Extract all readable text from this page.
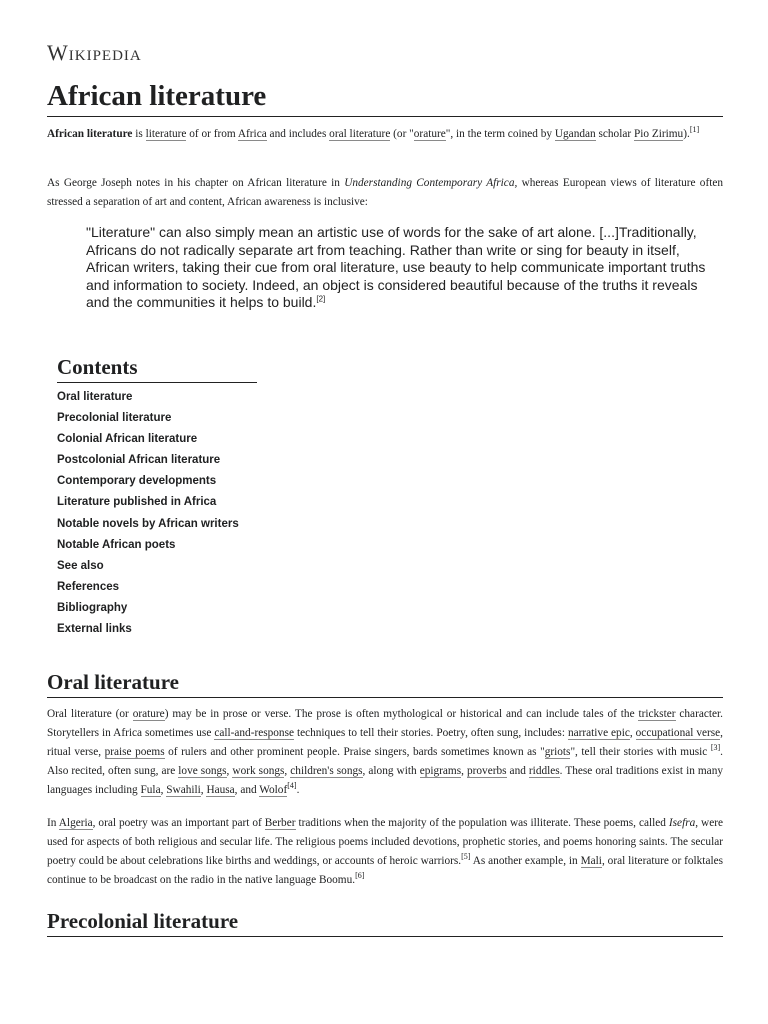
Wikipedia
African literature

African literature is literature of or from Africa and includes oral literature (or "orature", in the term coined by Ugandan scholar Pio Zirimu).[1]

As George Joseph notes in his chapter on African literature in Understanding Contemporary Africa, whereas European views of literature often stressed a separation of art and content, African awareness is inclusive:

"Literature" can also simply mean an artistic use of words for the sake of art alone. [...]Traditionally, Africans do not radically separate art from teaching. Rather than write or sing for beauty in itself, African writers, taking their cue from oral literature, use beauty to help communicate important truths and information to society. Indeed, an object is considered beautiful because of the truths it reveals and the communities it helps to build.[2]
Contents
Oral literature
Precolonial literature
Colonial African literature
Postcolonial African literature
Contemporary developments
Literature published in Africa
Notable novels by African writers
Notable African poets
See also
References
Bibliography
External links
Oral literature

Oral literature (or orature) may be in prose or verse. The prose is often mythological or historical and can include tales of the trickster character. Storytellers in Africa sometimes use call-and-response techniques to tell their stories. Poetry, often sung, includes: narrative epic, occupational verse, ritual verse, praise poems of rulers and other prominent people. Praise singers, bards sometimes known as "griots", tell their stories with music [3]. Also recited, often sung, are love songs, work songs, children's songs, along with epigrams, proverbs and riddles. These oral traditions exist in many languages including Fula, Swahili, Hausa, and Wolof[4].

In Algeria, oral poetry was an important part of Berber traditions when the majority of the population was illiterate. These poems, called Isefra, were used for aspects of both religious and secular life. The religious poems included devotions, prophetic stories, and poems honoring saints. The secular poetry could be about celebrations like births and weddings, or accounts of heroic warriors.[5] As another example, in Mali, oral literature or folktales continue to be broadcast on the radio in the native language Boomu.[6]

Precolonial literature
